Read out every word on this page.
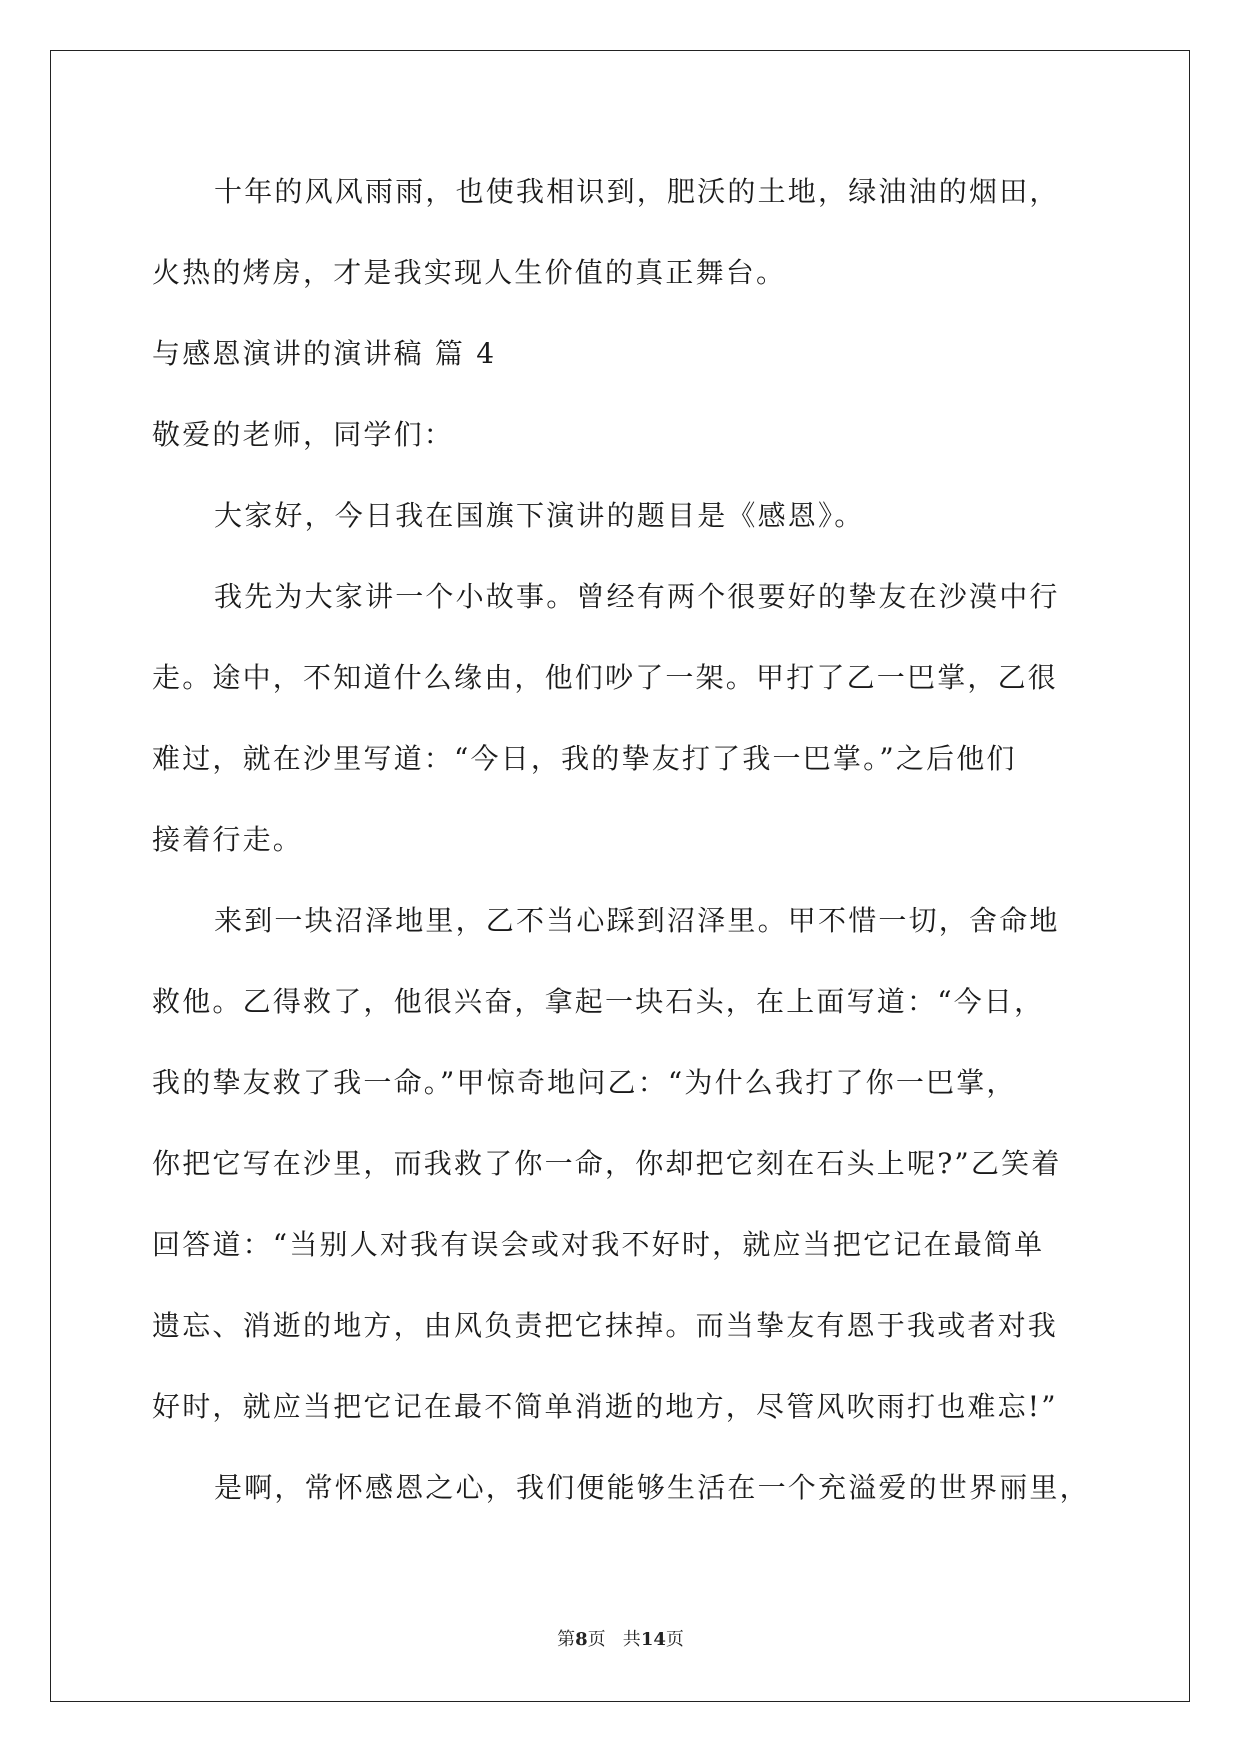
十年的风风雨雨，也使我相识到，肥沃的土地，绿油油的烟田，
火热的烤房，才是我实现人生价值的真正舞台。
与感恩演讲的演讲稿 篇 4
敬爱的老师，同学们：
大家好，今日我在国旗下演讲的题目是《感恩》。
我先为大家讲一个小故事。曾经有两个很要好的挚友在沙漠中行
走。途中，不知道什么缘由，他们吵了一架。甲打了乙一巴掌，乙很
难过，就在沙里写道：“今日，我的挚友打了我一巴掌。”之后他们
接着行走。
来到一块沼泽地里，乙不当心踩到沼泽里。甲不惜一切，舍命地
救他。乙得救了，他很兴奋，拿起一块石头，在上面写道：“今日，
我的挚友救了我一命。”甲惊奇地问乙：“为什么我打了你一巴掌，
你把它写在沙里，而我救了你一命，你却把它刻在石头上呢?”乙笑着
回答道：“当别人对我有误会或对我不好时，就应当把它记在最简单
遗忘、消逝的地方，由风负责把它抹掉。而当挚友有恩于我或者对我
好时，就应当把它记在最不简单消逝的地方，尽管风吹雨打也难忘!”
是啊，常怀感恩之心，我们便能够生活在一个充溢爱的世界丽里，
第8页   共14页
